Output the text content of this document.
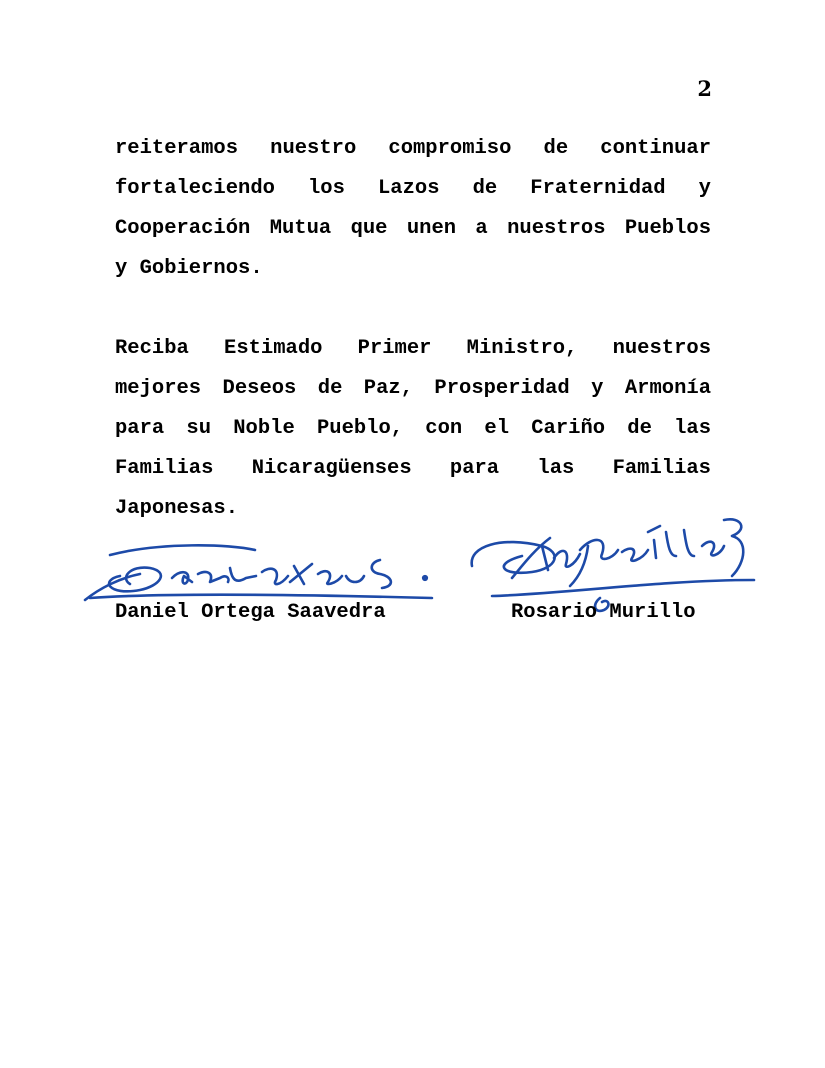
2
reiteramos nuestro compromiso de continuar
fortaleciendo los Lazos de Fraternidad y
Cooperación Mutua que unen a nuestros Pueblos
y Gobiernos.
Reciba Estimado Primer Ministro, nuestros
mejores Deseos de Paz, Prosperidad y Armonía
para su Noble Pueblo, con el Cariño de las
Familias Nicaragüenses para las Familias
Japonesas.
Daniel Ortega Saavedra	Rosario Murillo
